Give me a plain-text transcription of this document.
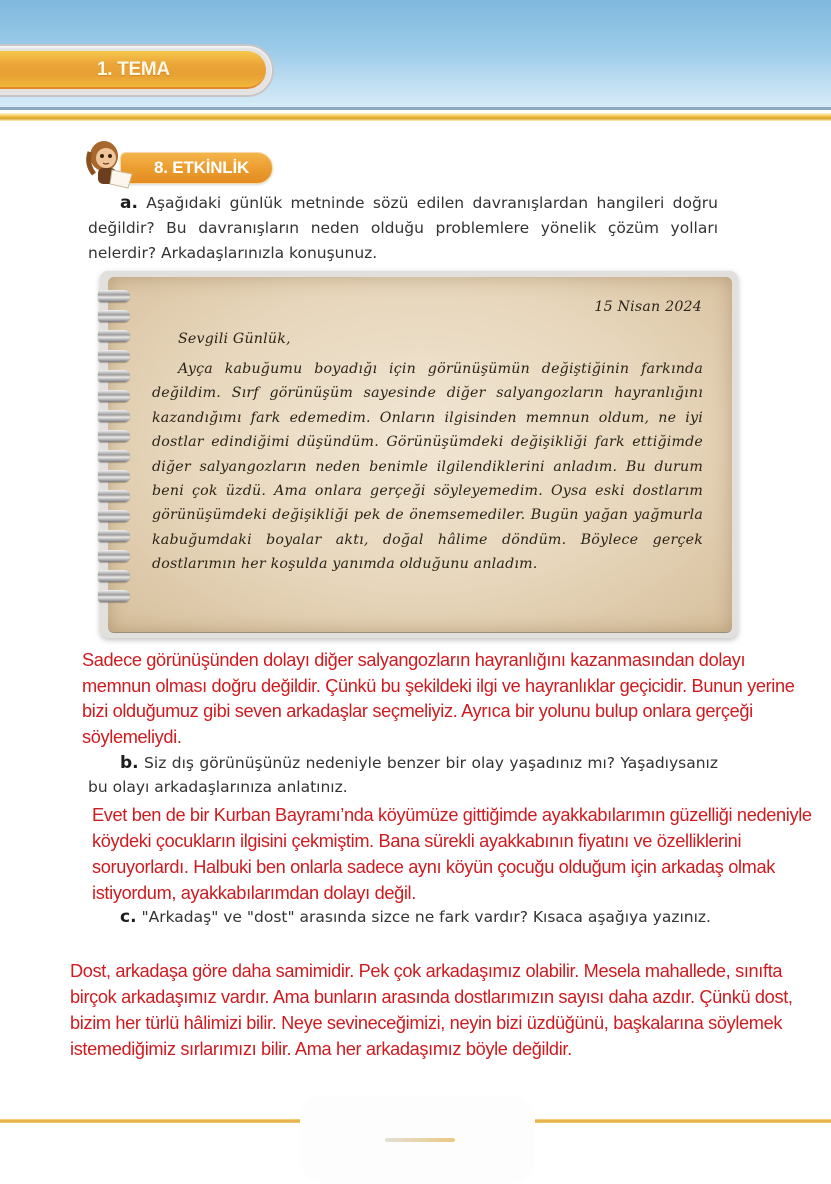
1. TEMA
8. ETKİNLİK
a. Aşağıdaki günlük metninde sözü edilen davranışlardan hangileri doğru değildir? Bu davranışların neden olduğu problemlere yönelik çözüm yolları nelerdir? Arkadaşlarınızla konuşunuz.
15 Nisan 2024
Sevgili Günlük,
Ayça kabuğumu boyadığı için görünüşümün değiştiğinin farkında değildim. Sırf görünüşüm sayesinde diğer salyangozların hayranlığını kazandığımı fark edemedim. Onların ilgisinden memnun oldum, ne iyi dostlar edindiğimi düşündüm. Görünüşümdeki değişikliği fark ettiğimde diğer salyangozların neden benimle ilgilendiklerini anladım. Bu durum beni çok üzdü. Ama onlara gerçeği söyleyemedim. Oysa eski dostlarım görünüşümdeki değişikliği pek de önemsemediler. Bugün yağan yağmurla kabuğumdaki boyalar aktı, doğal hâlime döndüm. Böylece gerçek dostlarımın her koşulda yanımda olduğunu anladım.
Sadece görünüşünden dolayı diğer salyangozların hayranlığını kazanmasından dolayı memnun olması doğru değildir. Çünkü bu şekildeki ilgi ve hayranlıklar geçicidir. Bunun yerine bizi olduğumuz gibi seven arkadaşlar seçmeliyiz. Ayrıca bir yolunu bulup onlara gerçeği söylemeliydi.
b. Siz dış görünüşünüz nedeniyle benzer bir olay yaşadınız mı? Yaşadıysanız bu olayı arkadaşlarınıza anlatınız.
Evet ben de bir Kurban Bayramı’nda köyümüze gittiğimde ayakkabılarımın güzelliği nedeniyle köydeki çocukların ilgisini çekmiştim. Bana sürekli ayakkabının fiyatını ve özelliklerini soruyorlardı. Halbuki ben onlarla sadece aynı köyün çocuğu olduğum için arkadaş olmak istiyordum, ayakkabılarımdan dolayı değil.
c. "Arkadaş" ve "dost" arasında sizce ne fark vardır? Kısaca aşağıya yazınız.
Dost, arkadaşa göre daha samimidir. Pek çok arkadaşımız olabilir. Mesela mahallede, sınıfta birçok arkadaşımız vardır. Ama bunların arasında dostlarımızın sayısı daha azdır. Çünkü dost, bizim her türlü hâlimizi bilir. Neye sevineceğimizi, neyin bizi üzdüğünü, başkalarına söylemek istemediğimiz sırlarımızı bilir. Ama her arkadaşımız böyle değildir.
